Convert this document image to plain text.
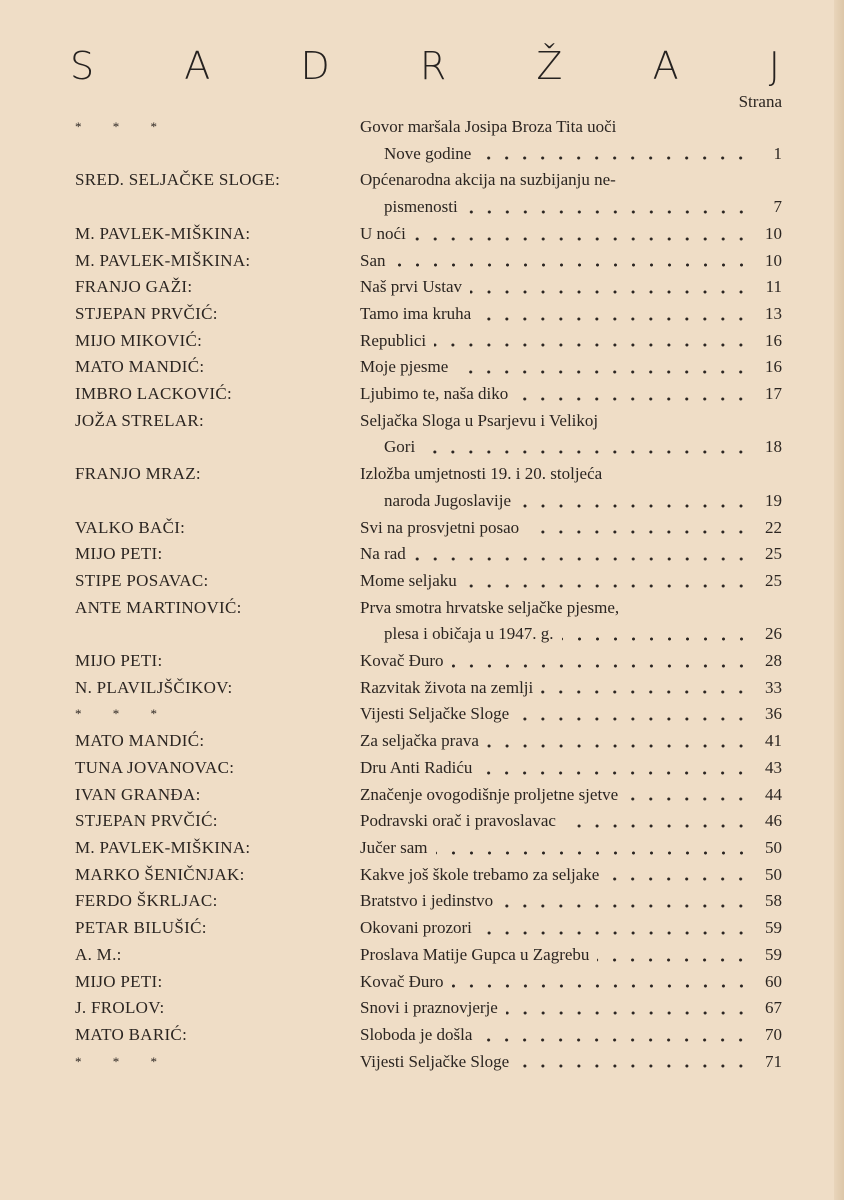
S A D R Ž A J
Strana
* * *	Govor maršala Josipa Broza Tita uoči
Nove godine	1
SRED. SELJAČKE SLOGE:	Općenarodna akcija na suzbijanju ne-
pismenosti	7
M. PAVLEK-MIŠKINA:	U noći	10
M. PAVLEK-MIŠKINA:	San	10
FRANJO GAŽI:	Naš prvi Ustav	11
STJEPAN PRVČIĆ:	Tamo ima kruha	13
MIJO MIKOVIĆ:	Republici	16
MATO MANDIĆ:	Moje pjesme	16
IMBRO LACKOVIĆ:	Ljubimo te, naša diko	17
JOŽA STRELAR:	Seljačka Sloga u Psarjevu i Velikoj
Gori	18
FRANJO MRAZ:	Izložba umjetnosti 19. i 20. stoljeća
naroda Jugoslavije	19
VALKO BAČI:	Svi na prosvjetni posao	22
MIJO PETI:	Na rad	25
STIPE POSAVAC:	Mome seljaku	25
ANTE MARTINOVIĆ:	Prva smotra hrvatske seljačke pjesme,
plesa i običaja u 1947. g.	26
MIJO PETI:	Kovač Đuro	28
N. PLAVILJŠČIKOV:	Razvitak života na zemlji	33
* * *	Vijesti Seljačke Sloge	36
MATO MANDIĆ:	Za seljačka prava	41
TUNA JOVANOVAC:	Dru Anti Radiću	43
IVAN GRANĐA:	Značenje ovogodišnje proljetne sjetve	44
STJEPAN PRVČIĆ:	Podravski orač i pravoslavac	46
M. PAVLEK-MIŠKINA:	Jučer sam	50
MARKO ŠENIČNJAK:	Kakve još škole trebamo za seljake	50
FERDO ŠKRLJAC:	Bratstvo i jedinstvo	58
PETAR BILUŠIĆ:	Okovani prozori	59
A. M.:	Proslava Matije Gupca u Zagrebu	59
MIJO PETI:	Kovač Đuro	60
J. FROLOV:	Snovi i praznovjerje	67
MATO BARIĆ:	Sloboda je došla	70
* * *	Vijesti Seljačke Sloge	71
